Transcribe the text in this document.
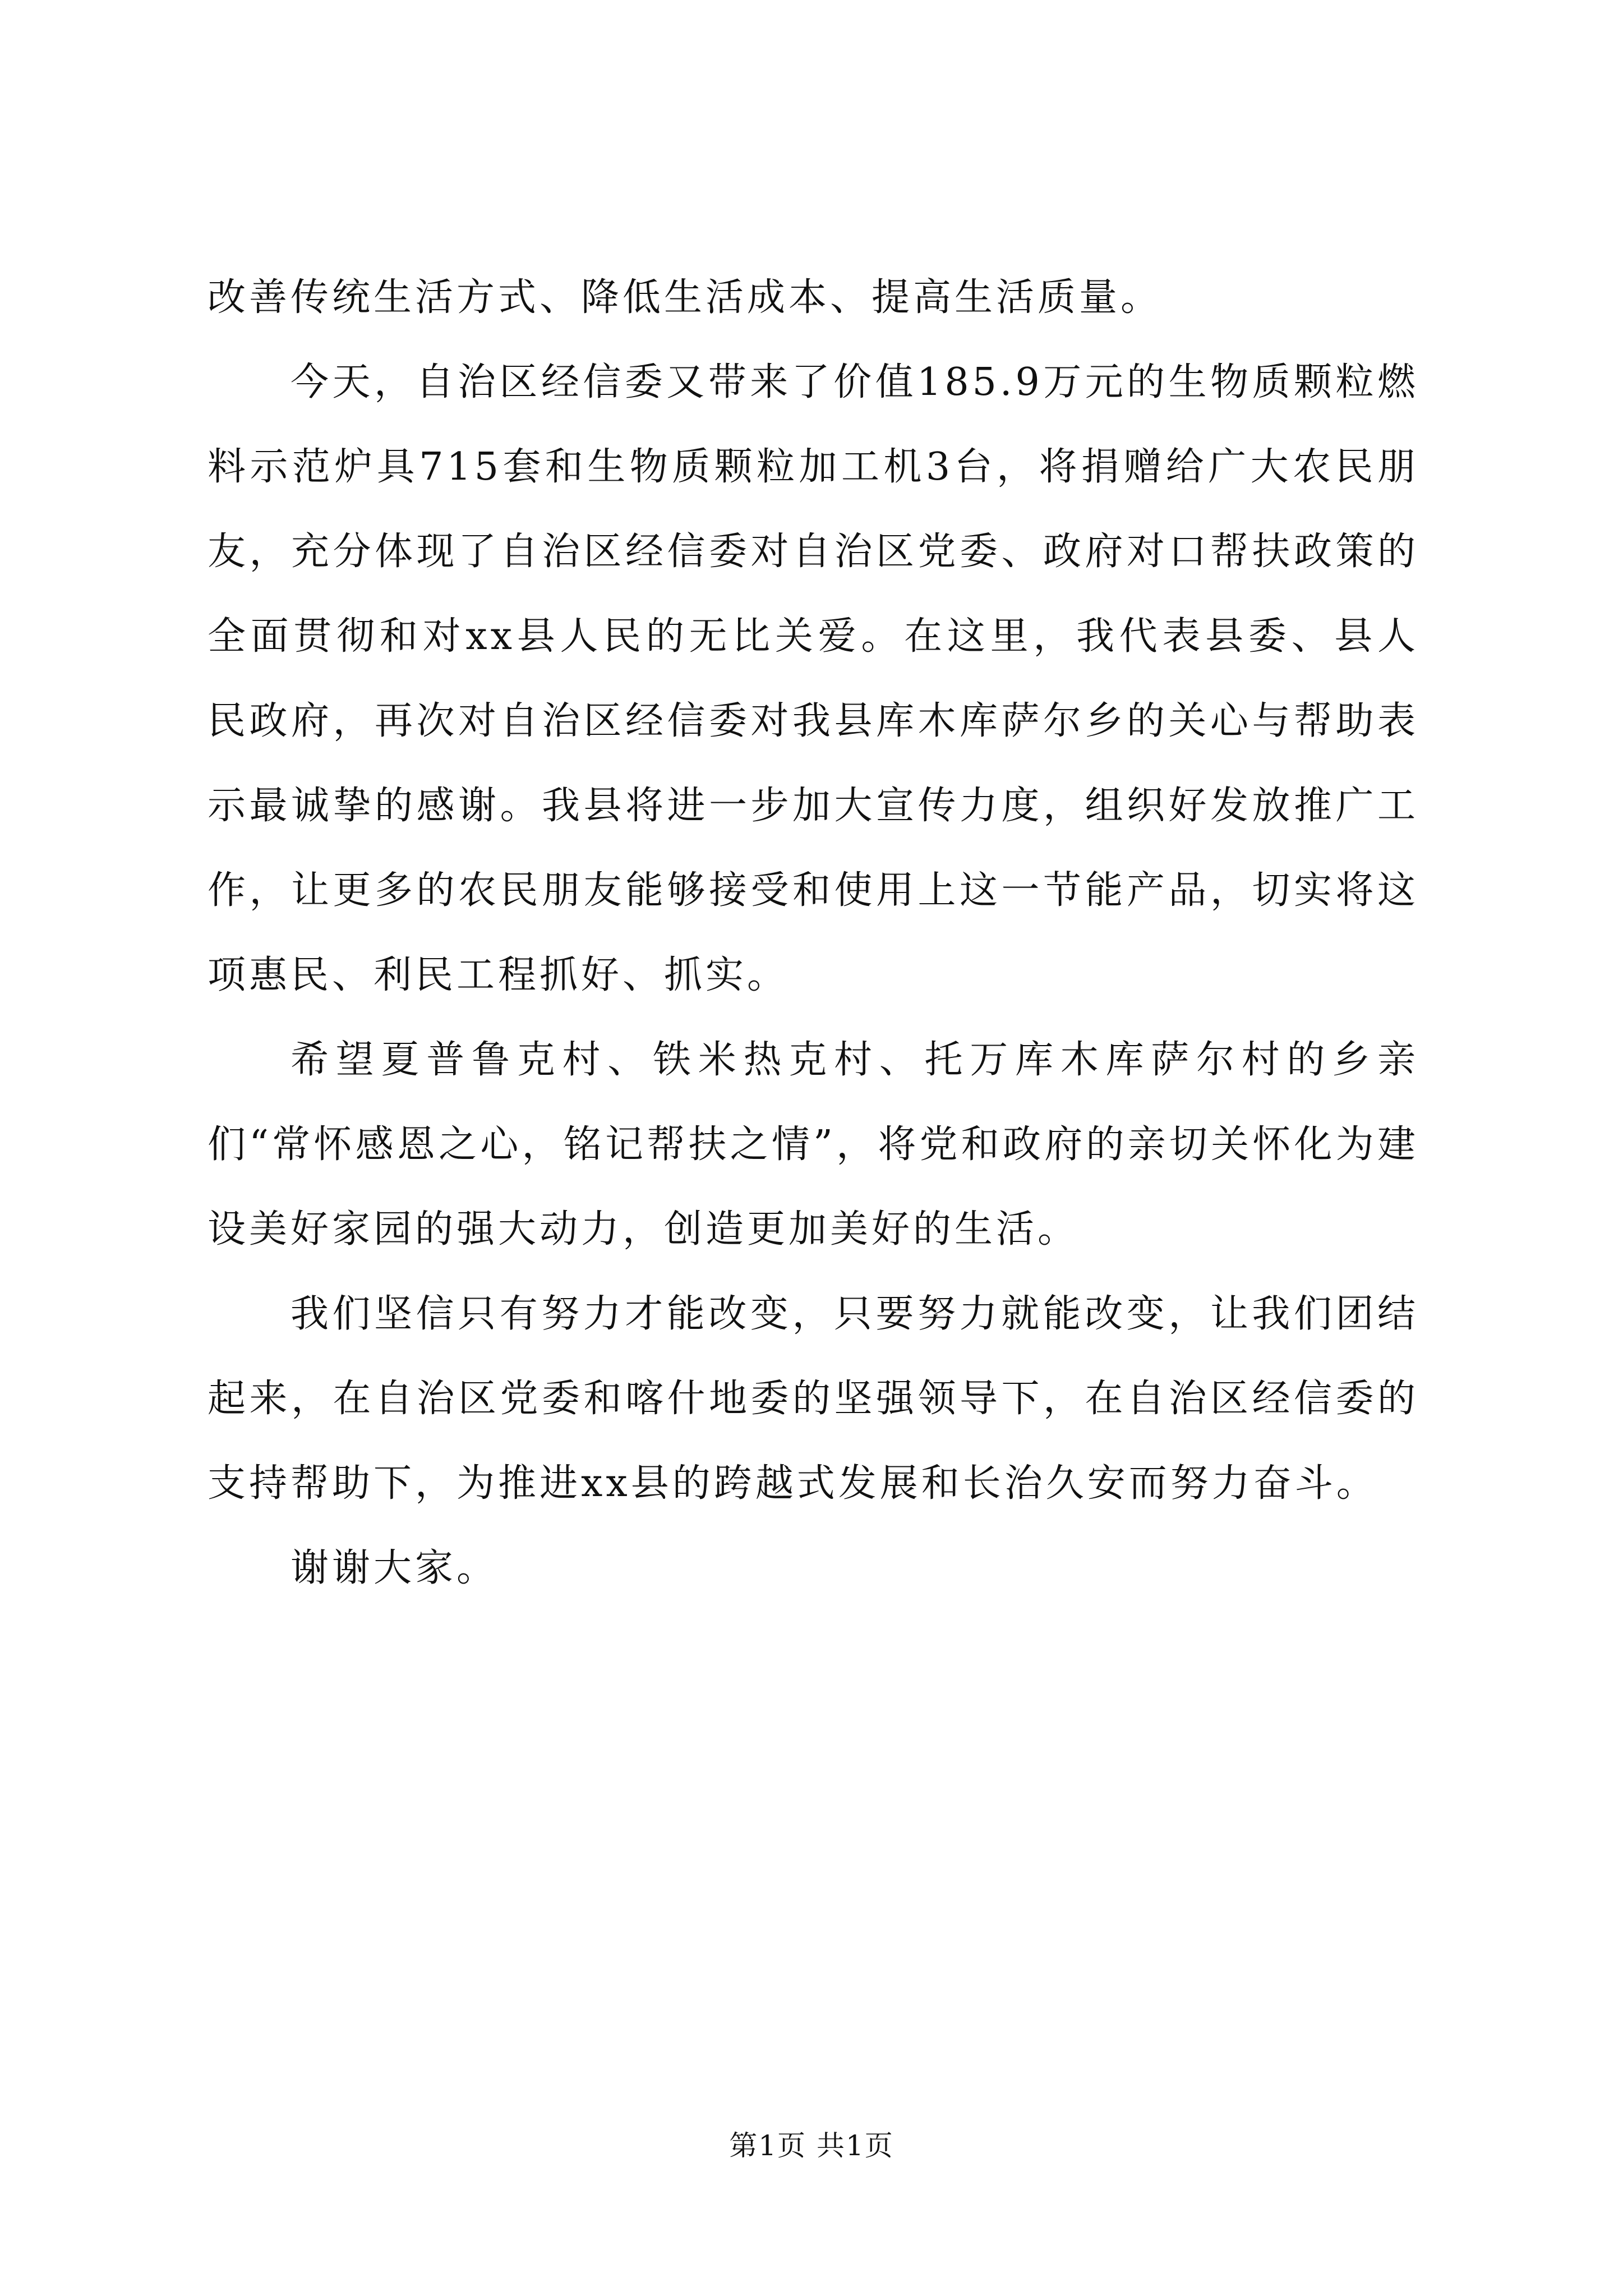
改善传统生活方式、降低生活成本、提高生活质量。

今天，自治区经信委又带来了价值185.9万元的生物质颗粒燃料示范炉具715套和生物质颗粒加工机3台，将捐赠给广大农民朋友，充分体现了自治区经信委对自治区党委、政府对口帮扶政策的全面贯彻和对xx县人民的无比关爱。在这里，我代表县委、县人民政府，再次对自治区经信委对我县库木库萨尔乡的关心与帮助表示最诚挚的感谢。我县将进一步加大宣传力度，组织好发放推广工作，让更多的农民朋友能够接受和使用上这一节能产品，切实将这项惠民、利民工程抓好、抓实。

希望夏普鲁克村、铁米热克村、托万库木库萨尔村的乡亲们“常怀感恩之心，铭记帮扶之情”，将党和政府的亲切关怀化为建设美好家园的强大动力，创造更加美好的生活。

我们坚信只有努力才能改变，只要努力就能改变，让我们团结起来，在自治区党委和喀什地委的坚强领导下，在自治区经信委的支持帮助下，为推进xx县的跨越式发展和长治久安而努力奋斗。

谢谢大家。

第1页 共1页
